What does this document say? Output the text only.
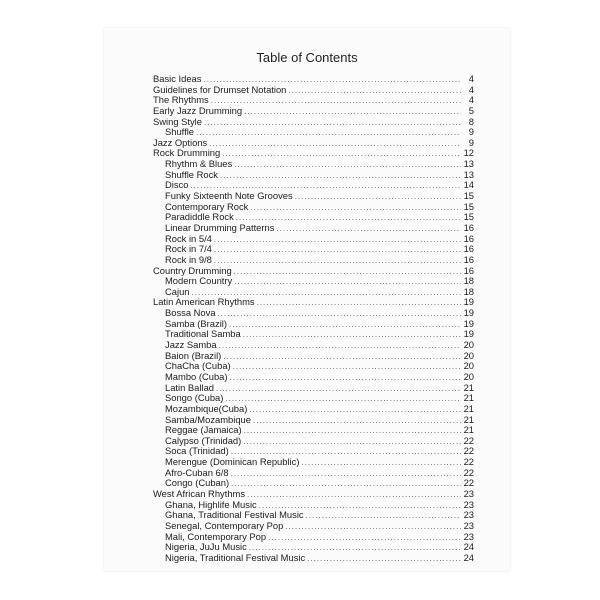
Table of Contents
Basic Ideas .....	4
Guidelines for Drumset Notation .....	4
The Rhythms .....	4
Early Jazz Drumming .....	5
Swing Style .....	8
Shuffle .....	9
Jazz Options .....	9
Rock Drumming .....	12
Rhythm & Blues .....	13
Shuffle Rock .....	13
Disco .....	14
Funky Sixteenth Note Grooves .....	15
Contemporary Rock .....	15
Paradiddle Rock .....	15
Linear Drumming Patterns .....	16
Rock in 5/4 .....	16
Rock in 7/4 .....	16
Rock in 9/8 .....	16
Country Drumming .....	16
Modern Country .....	18
Cajun .....	18
Latin American Rhythms .....	19
Bossa Nova .....	19
Samba (Brazil) .....	19
Traditional Samba .....	19
Jazz Samba .....	20
Baion (Brazil) .....	20
ChaCha (Cuba) .....	20
Mambo (Cuba) .....	20
Latin Ballad .....	21
Songo (Cuba) .....	21
Mozambique(Cuba) .....	21
Samba/Mozambique .....	21
Reggae (Jamaica) .....	21
Calypso (Trinidad) .....	22
Soca (Trinidad) .....	22
Merengue (Dominican Republic) .....	22
Afro-Cuban 6/8 .....	22
Congo (Cuban) .....	22
West African Rhythms .....	23
Ghana, Highlife Music .....	23
Ghana, Traditional Festival Music .....	23
Senegal, Contemporary Pop .....	23
Mali, Contemporary Pop .....	23
Nigeria, JuJu Music .....	24
Nigeria, Traditional Festival Music .....	24
